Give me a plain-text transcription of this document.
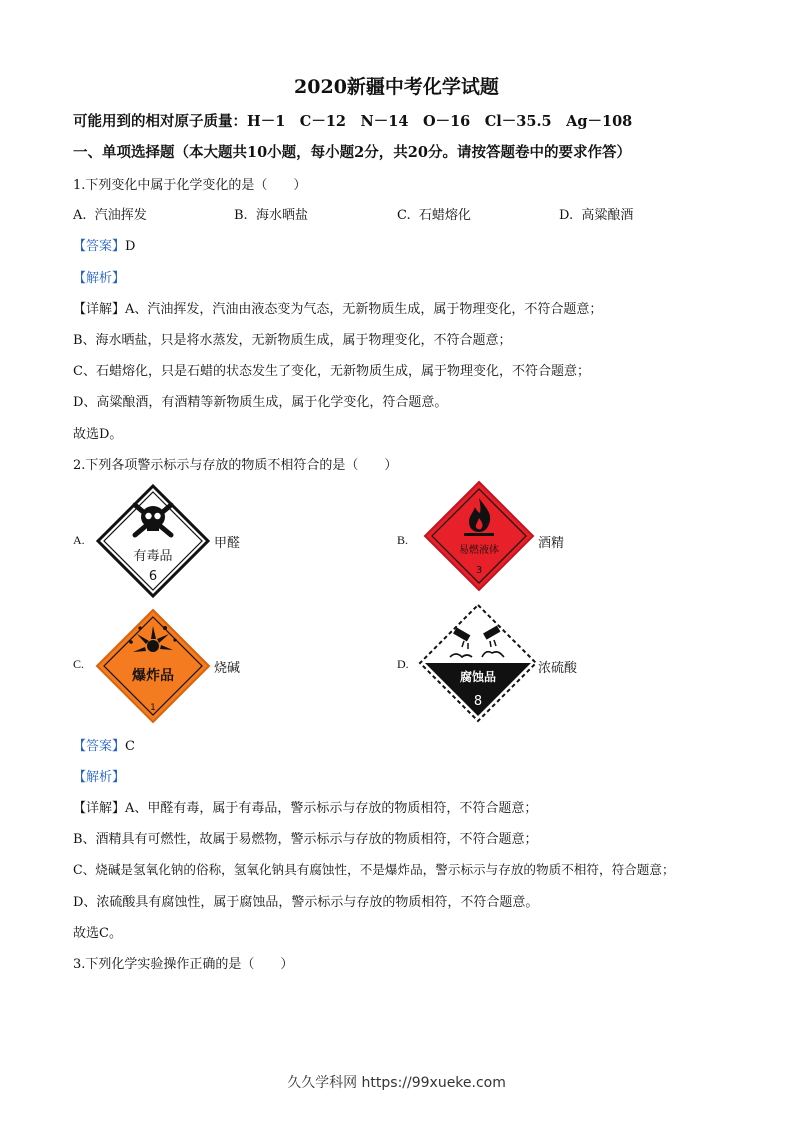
2020新疆中考化学试题
可能用到的相对原子质量：H－1　C－12　N－14　O－16　Cl－35.5　Ag－108
一、单项选择题（本大题共10小题，每小题2分，共20分。请按答题卷中的要求作答）
1.下列变化中属于化学变化的是（　　）
A. 汽油挥发	B. 海水晒盐	C. 石蜡熔化	D. 高粱酿酒
【答案】D
【解析】
【详解】A、汽油挥发，汽油由液态变为气态，无新物质生成，属于物理变化，不符合题意；
B、海水晒盐，只是将水蒸发，无新物质生成，属于物理变化，不符合题意；
C、石蜡熔化，只是石蜡的状态发生了变化，无新物质生成，属于物理变化，不符合题意；
D、高粱酿酒，有酒精等新物质生成，属于化学变化，符合题意。
故选D。
2.下列各项警示标示与存放的物质不相符合的是（　　）
A.
有毒品
6
甲醛	B.
易燃液体
3
酒精
C.
爆炸品
1
烧碱	D.
腐蚀品
8
浓硫酸
【答案】C
【解析】
【详解】A、甲醛有毒，属于有毒品，警示标示与存放的物质相符，不符合题意；
B、酒精具有可燃性，故属于易燃物，警示标示与存放的物质相符，不符合题意；
C、烧碱是氢氧化钠的俗称，氢氧化钠具有腐蚀性，不是爆炸品，警示标示与存放的物质不相符，符合题意；
D、浓硫酸具有腐蚀性，属于腐蚀品，警示标示与存放的物质相符，不符合题意。
故选C。
3.下列化学实验操作正确的是（　　）
久久学科网 https://99xueke.com
